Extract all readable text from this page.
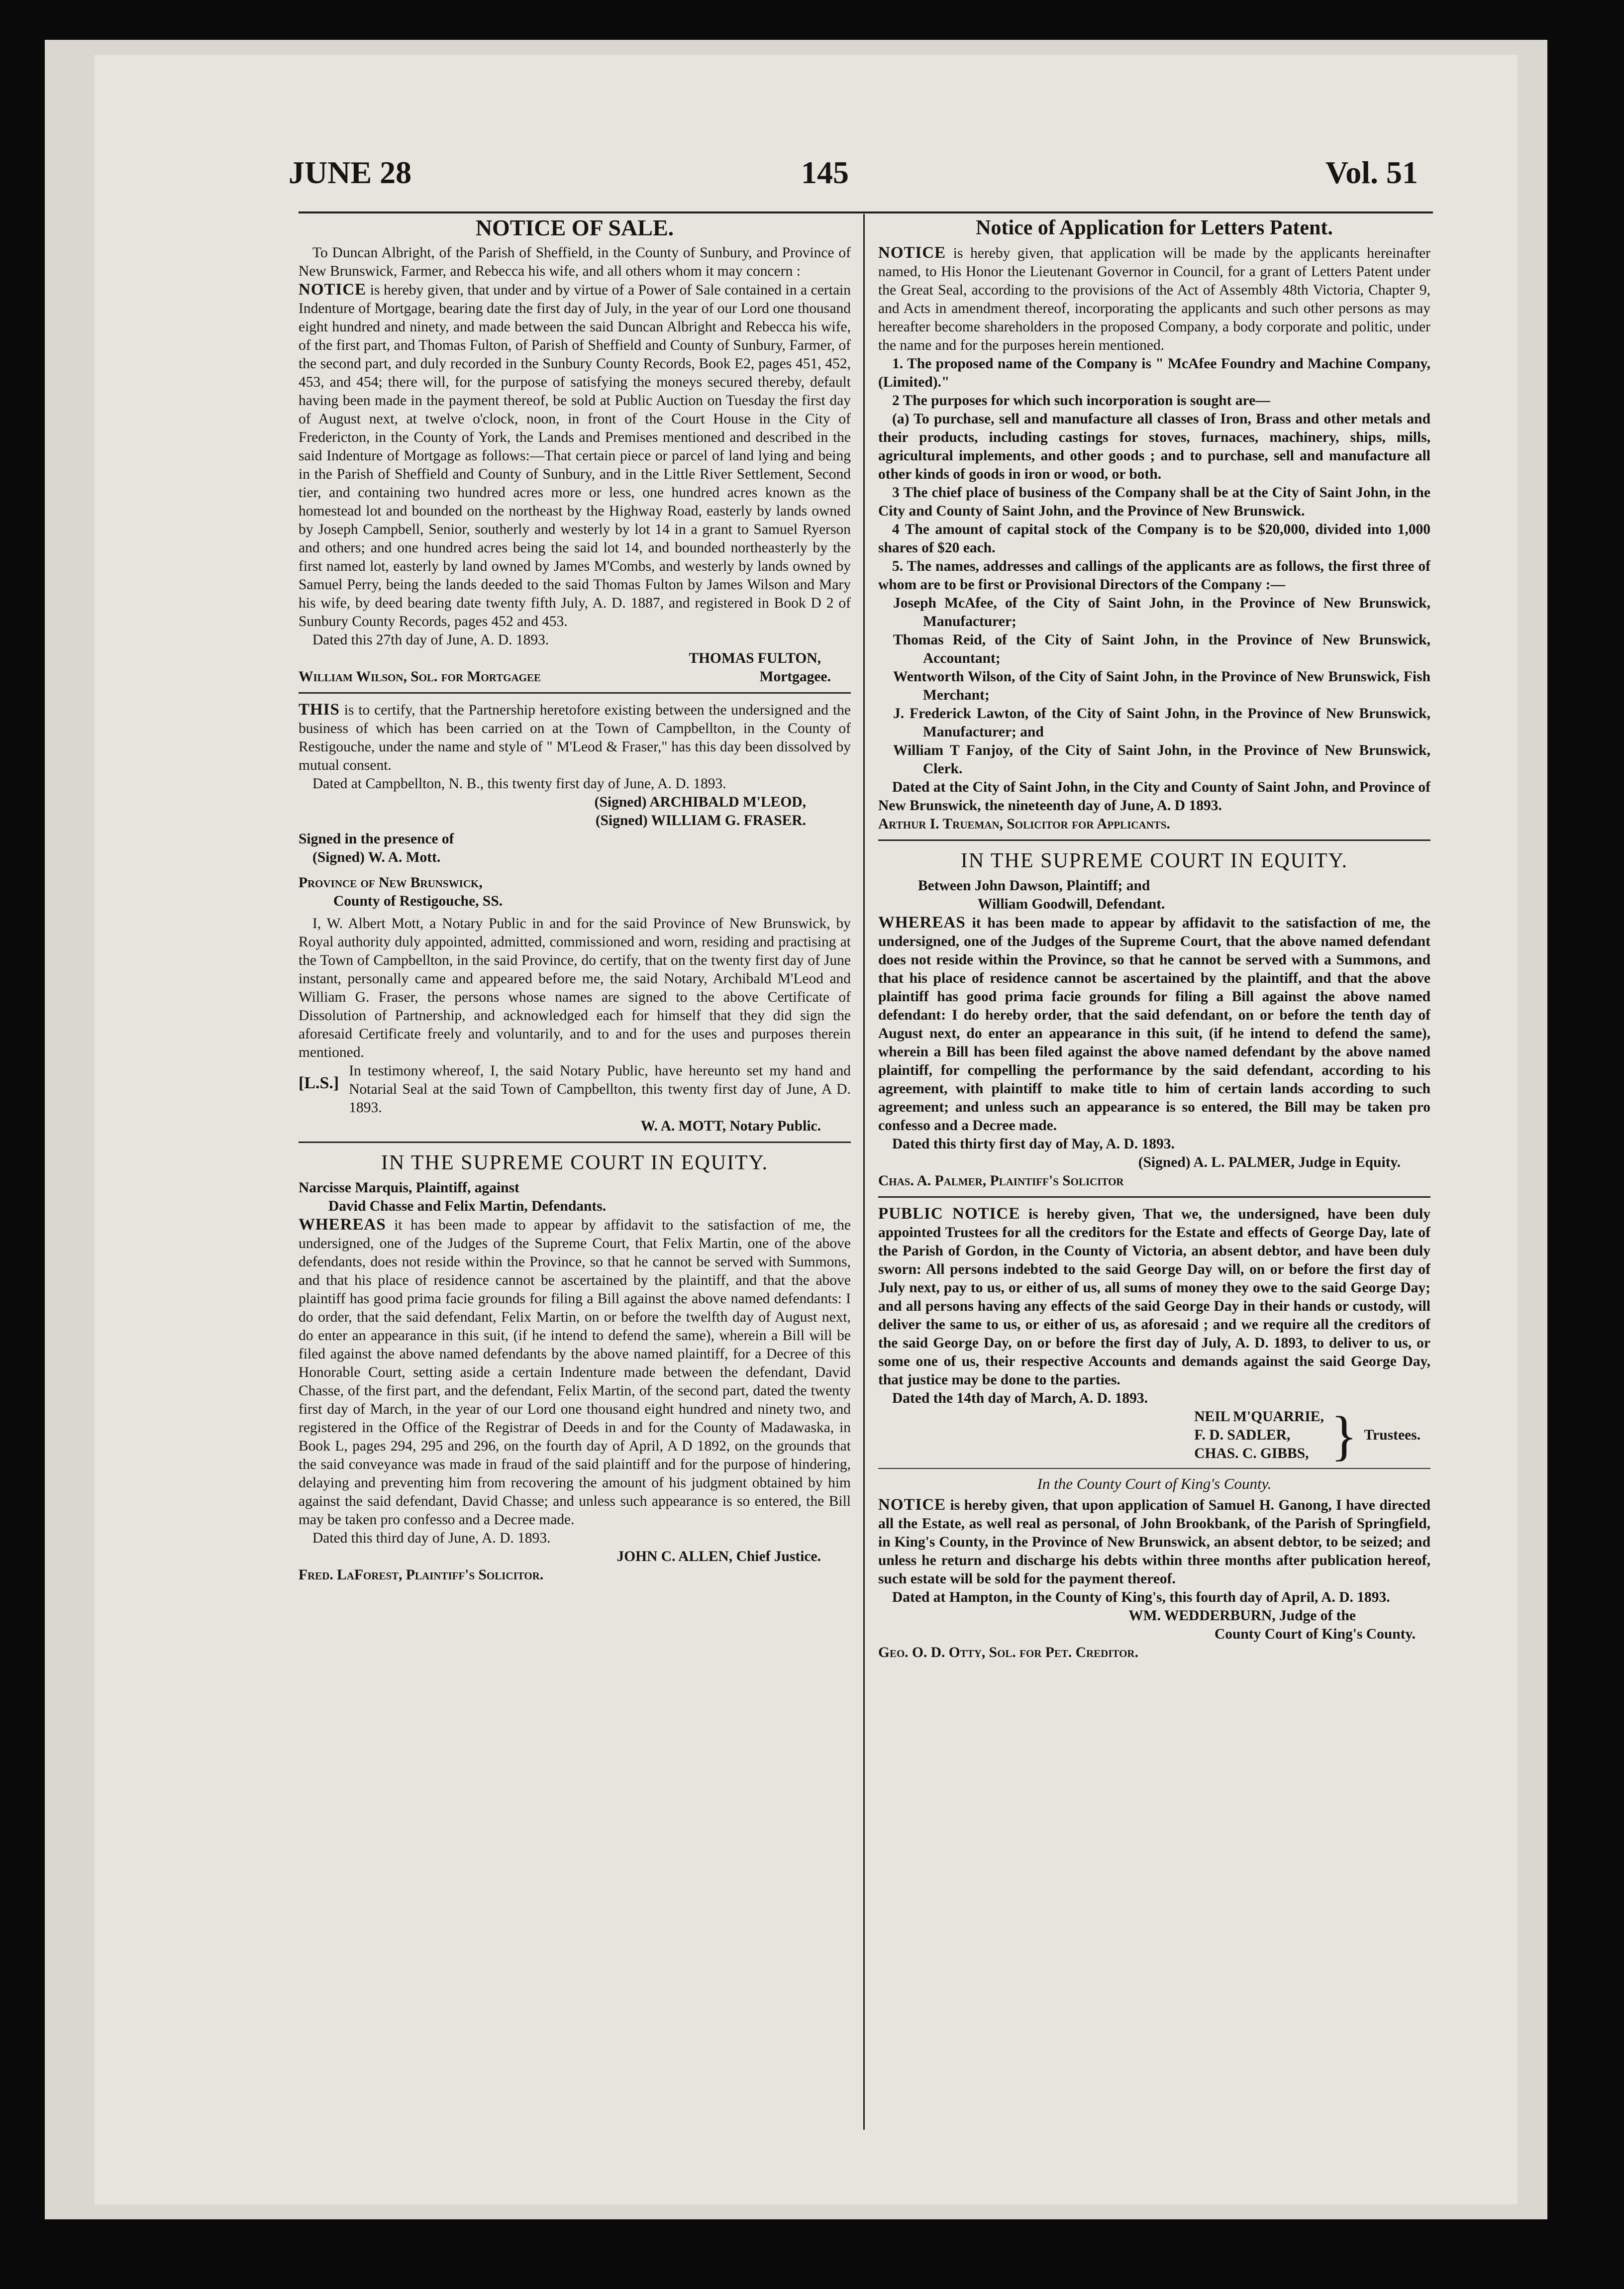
JUNE 28	145	Vol. 51
NOTICE OF SALE.

To Duncan Albright, of the Parish of Sheffield, in the County of Sunbury, and Province of New Brunswick, Farmer, and Rebecca his wife, and all others whom it may concern :

NOTICE is hereby given, that under and by virtue of a Power of Sale contained in a certain Indenture of Mortgage, bearing date the first day of July, in the year of our Lord one thousand eight hundred and ninety, and made between the said Duncan Albright and Rebecca his wife, of the first part, and Thomas Fulton, of Parish of Sheffield and County of Sunbury, Farmer, of the second part, and duly recorded in the Sunbury County Records, Book E2, pages 451, 452, 453, and 454; there will, for the purpose of satisfying the moneys secured thereby, default having been made in the payment thereof, be sold at Public Auction on Tuesday the first day of August next, at twelve o'clock, noon, in front of the Court House in the City of Fredericton, in the County of York, the Lands and Premises mentioned and described in the said Indenture of Mortgage as follows:—That certain piece or parcel of land lying and being in the Parish of Sheffield and County of Sunbury, and in the Little River Settlement, Second tier, and containing two hundred acres more or less, one hundred acres known as the homestead lot and bounded on the northeast by the Highway Road, easterly by lands owned by Joseph Campbell, Senior, southerly and westerly by lot 14 in a grant to Samuel Ryerson and others; and one hundred acres being the said lot 14, and bounded northeasterly by the first named lot, easterly by land owned by James M'Combs, and westerly by lands owned by Samuel Perry, being the lands deeded to the said Thomas Fulton by James Wilson and Mary his wife, by deed bearing date twenty fifth July, A. D. 1887, and registered in Book D 2 of Sunbury County Records, pages 452 and 453.

Dated this 27th day of June, A. D. 1893.

THOMAS FULTON,

William Wilson, Sol. for Mortgagee	Mortgagee.

THIS is to certify, that the Partnership heretofore existing between the undersigned and the business of which has been carried on at the Town of Campbellton, in the County of Restigouche, under the name and style of " M'Leod & Fraser," has this day been dissolved by mutual consent.

Dated at Campbellton, N. B., this twenty first day of June, A. D. 1893.

(Signed) ARCHIBALD M'LEOD,

(Signed) WILLIAM G. FRASER.

Signed in the presence of

(Signed) W. A. Mott.

Province of New Brunswick,

County of Restigouche, SS.

I, W. Albert Mott, a Notary Public in and for the said Province of New Brunswick, by Royal authority duly appointed, admitted, commissioned and worn, residing and practising at the Town of Campbellton, in the said Province, do certify, that on the twenty first day of June instant, personally came and appeared before me, the said Notary, Archibald M'Leod and William G. Fraser, the persons whose names are signed to the above Certificate of Dissolution of Partnership, and acknowledged each for himself that they did sign the aforesaid Certificate freely and voluntarily, and to and for the uses and purposes therein mentioned.

[L.S.]

In testimony whereof, I, the said Notary Public, have hereunto set my hand and Notarial Seal at the said Town of Campbellton, this twenty first day of June, A D. 1893.

W. A. MOTT, Notary Public.

IN THE SUPREME COURT IN EQUITY.

Narcisse Marquis, Plaintiff, against

David Chasse and Felix Martin, Defendants.

WHEREAS it has been made to appear by affidavit to the satisfaction of me, the undersigned, one of the Judges of the Supreme Court, that Felix Martin, one of the above defendants, does not reside within the Province, so that he cannot be served with Summons, and that his place of residence cannot be ascertained by the plaintiff, and that the above plaintiff has good prima facie grounds for filing a Bill against the above named defendants: I do order, that the said defendant, Felix Martin, on or before the twelfth day of August next, do enter an appearance in this suit, (if he intend to defend the same), wherein a Bill will be filed against the above named defendants by the above named plaintiff, for a Decree of this Honorable Court, setting aside a certain Indenture made between the defendant, David Chasse, of the first part, and the defendant, Felix Martin, of the second part, dated the twenty first day of March, in the year of our Lord one thousand eight hundred and ninety two, and registered in the Office of the Registrar of Deeds in and for the County of Madawaska, in Book L, pages 294, 295 and 296, on the fourth day of April, A D 1892, on the grounds that the said conveyance was made in fraud of the said plaintiff and for the purpose of hindering, delaying and preventing him from recovering the amount of his judgment obtained by him against the said defendant, David Chasse; and unless such appearance is so entered, the Bill may be taken pro confesso and a Decree made.

Dated this third day of June, A. D. 1893.

JOHN C. ALLEN, Chief Justice.

Fred. LaForest, Plaintiff's Solicitor.

Notice of Application for Letters Patent.

NOTICE is hereby given, that application will be made by the applicants hereinafter named, to His Honor the Lieutenant Governor in Council, for a grant of Letters Patent under the Great Seal, according to the provisions of the Act of Assembly 48th Victoria, Chapter 9, and Acts in amendment thereof, incorporating the applicants and such other persons as may hereafter become shareholders in the proposed Company, a body corporate and politic, under the name and for the purposes herein mentioned.

1. The proposed name of the Company is " McAfee Foundry and Machine Company, (Limited)."

2 The purposes for which such incorporation is sought are—

(a) To purchase, sell and manufacture all classes of Iron, Brass and other metals and their products, including castings for stoves, furnaces, machinery, ships, mills, agricultural implements, and other goods ; and to purchase, sell and manufacture all other kinds of goods in iron or wood, or both.

3 The chief place of business of the Company shall be at the City of Saint John, in the City and County of Saint John, and the Province of New Brunswick.

4 The amount of capital stock of the Company is to be $20,000, divided into 1,000 shares of $20 each.

5. The names, addresses and callings of the applicants are as follows, the first three of whom are to be first or Provisional Directors of the Company :—

Joseph McAfee, of the City of Saint John, in the Province of New Brunswick, Manufacturer;

Thomas Reid, of the City of Saint John, in the Province of New Brunswick, Accountant;

Wentworth Wilson, of the City of Saint John, in the Province of New Brunswick, Fish Merchant;

J. Frederick Lawton, of the City of Saint John, in the Province of New Brunswick, Manufacturer; and

William T Fanjoy, of the City of Saint John, in the Province of New Brunswick, Clerk.

Dated at the City of Saint John, in the City and County of Saint John, and Province of New Brunswick, the nineteenth day of June, A. D 1893.

Arthur I. Trueman, Solicitor for Applicants.

IN THE SUPREME COURT IN EQUITY.

Between John Dawson, Plaintiff; and

William Goodwill, Defendant.

WHEREAS it has been made to appear by affidavit to the satisfaction of me, the undersigned, one of the Judges of the Supreme Court, that the above named defendant does not reside within the Province, so that he cannot be served with a Summons, and that his place of residence cannot be ascertained by the plaintiff, and that the above plaintiff has good prima facie grounds for filing a Bill against the above named defendant: I do hereby order, that the said defendant, on or before the tenth day of August next, do enter an appearance in this suit, (if he intend to defend the same), wherein a Bill has been filed against the above named defendant by the above named plaintiff, for compelling the performance by the said defendant, according to his agreement, with plaintiff to make title to him of certain lands according to such agreement; and unless such an appearance is so entered, the Bill may be taken pro confesso and a Decree made.

Dated this thirty first day of May, A. D. 1893.

(Signed) A. L. PALMER, Judge in Equity.

Chas. A. Palmer, Plaintiff's Solicitor

PUBLIC NOTICE is hereby given, That we, the undersigned, have been duly appointed Trustees for all the creditors for the Estate and effects of George Day, late of the Parish of Gordon, in the County of Victoria, an absent debtor, and have been duly sworn: All persons indebted to the said George Day will, on or before the first day of July next, pay to us, or either of us, all sums of money they owe to the said George Day; and all persons having any effects of the said George Day in their hands or custody, will deliver the same to us, or either of us, as aforesaid ; and we require all the creditors of the said George Day, on or before the first day of July, A. D. 1893, to deliver to us, or some one of us, their respective Accounts and demands against the said George Day, that justice may be done to the parties.

Dated the 14th day of March, A. D. 1893.

NEIL M'QUARRIE,
F. D. SADLER,
CHAS. C. GIBBS, } Trustees.
In the County Court of King's County.

NOTICE is hereby given, that upon application of Samuel H. Ganong, I have directed all the Estate, as well real as personal, of John Brookbank, of the Parish of Springfield, in King's County, in the Province of New Brunswick, an absent debtor, to be seized; and unless he return and discharge his debts within three months after publication hereof, such estate will be sold for the payment thereof.

Dated at Hampton, in the County of King's, this fourth day of April, A. D. 1893.

WM. WEDDERBURN, Judge of the

County Court of King's County.

Geo. O. D. Otty, Sol. for Pet. Creditor.
